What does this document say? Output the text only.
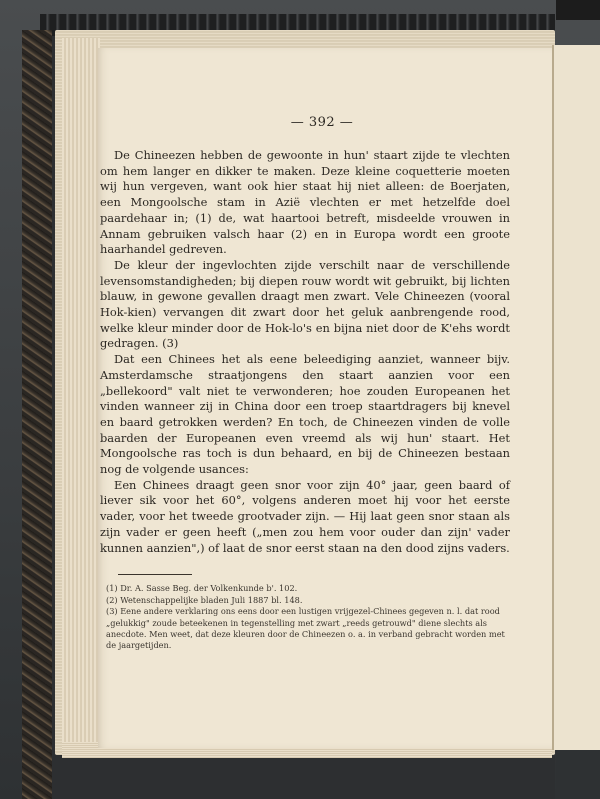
— 392 —

De Chineezen hebben de gewoonte in hun' staart zijde te vlechten om hem langer en dikker te maken. Deze kleine coquetterie moeten wij hun vergeven, want ook hier staat hij niet alleen: de Boerjaten, een Mongoolsche stam in Azië vlechten er met hetzelfde doel paardehaar in; (1) de, wat haartooi betreft, misdeelde vrouwen in Annam gebruiken valsch haar (2) en in Europa wordt een groote haarhandel gedreven.

De kleur der ingevlochten zijde verschilt naar de verschillende levensomstandigheden; bij diepen rouw wordt wit gebruikt, bij lichten blauw, in gewone gevallen draagt men zwart. Vele Chineezen (vooral Hok-kien) vervangen dit zwart door het geluk aanbrengende rood, welke kleur minder door de Hok-lo's en bijna niet door de K'ehs wordt gedragen. (3)

Dat een Chinees het als eene beleediging aanziet, wanneer bijv. Amsterdamsche straatjongens den staart aanzien voor een „bellekoord" valt niet te verwonderen; hoe zouden Europeanen het vinden wanneer zij in China door een troep staartdragers bij knevel en baard getrokken werden? En toch, de Chineezen vinden de volle baarden der Europeanen even vreemd als wij hun' staart. Het Mongoolsche ras toch is dun behaard, en bij de Chineezen bestaan nog de volgende usances:

Een Chinees draagt geen snor voor zijn 40° jaar, geen baard of liever sik voor het 60°, volgens anderen moet hij voor het eerste vader, voor het tweede grootvader zijn. — Hij laat geen snor staan als zijn vader er geen heeft („men zou hem voor ouder dan zijn' vader kunnen aanzien",) of laat de snor eerst staan na den dood zijns vaders.

(1) Dr. A. Sasse Beg. der Volkenkunde b'. 102.
(2) Wetenschappelijke bladen Juli 1887 bl. 148.
(3) Eene andere verklaring ons eens door een lustigen vrijgezel-Chinees gegeven n. l. dat rood „gelukkig" zoude beteekenen in tegenstelling met zwart „reeds getrouwd" diene slechts als anecdote. Men weet, dat deze kleuren door de Chineezen o. a. in verband gebracht worden met de jaargetijden.
